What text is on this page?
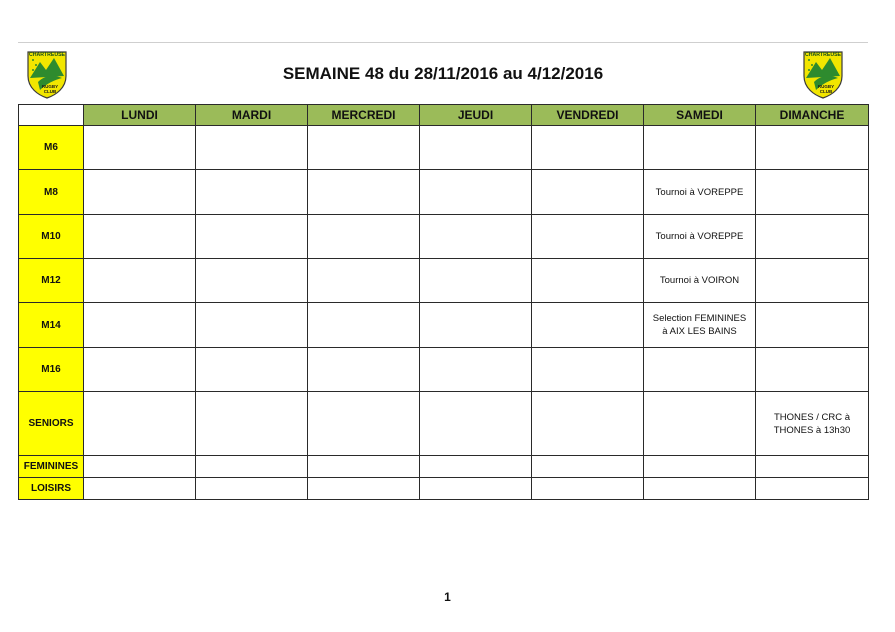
CHARTREUSE
RUGBY
CLUB
SEMAINE 48 du 28/11/2016 au 4/12/2016
CHARTREUSE
RUGBY
CLUB
	LUNDI	MARDI	MERCREDI	JEUDI	VENDREDI	SAMEDI	DIMANCHE
M6							
M8						Tournoi à VOREPPE	
M10						Tournoi à VOREPPE	
M12						Tournoi à VOIRON	
M14						Selection FEMININES
à AIX LES BAINS	
M16							
SENIORS							THONES / CRC à
THONES à 13h30
FEMININES							
LOISIRS							
1
